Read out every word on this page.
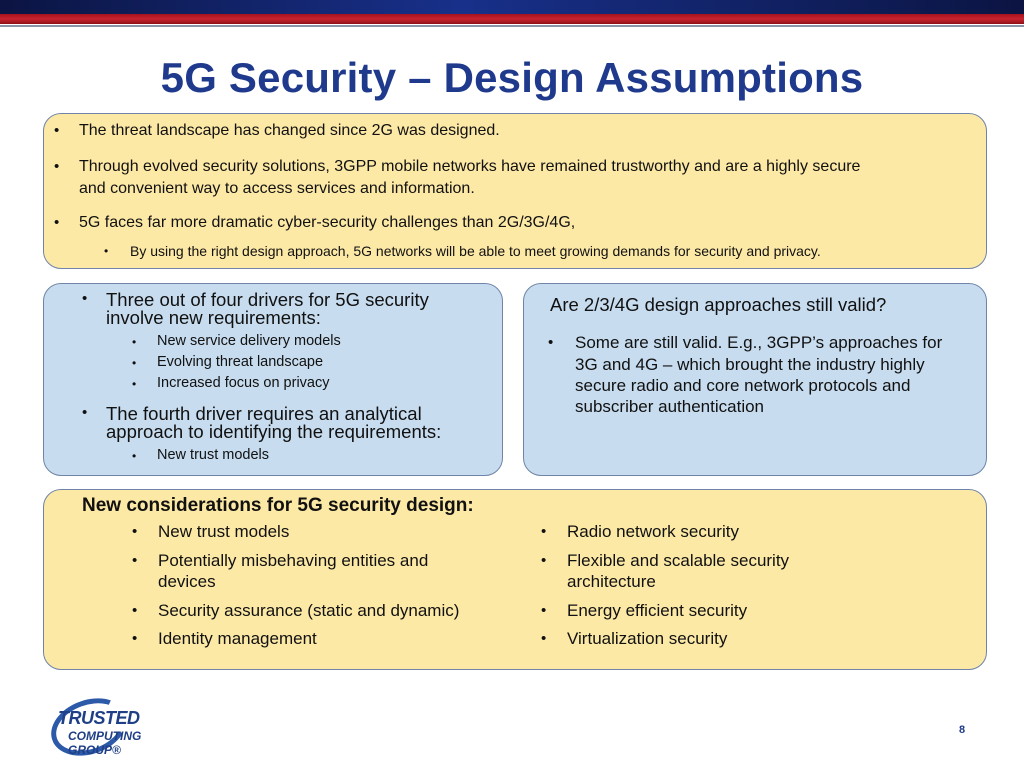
5G Security – Design Assumptions
• The threat landscape has changed since 2G was designed.
• Through evolved security solutions, 3GPP mobile networks have remained trustworthy and are a highly secure
and convenient way to access services and information.
• 5G faces far more dramatic cyber-security challenges than 2G/3G/4G,
• By using the right design approach, 5G networks will be able to meet growing demands for security and privacy.
• Three out of four drivers for 5G security
involve new requirements:
• New service delivery models
• Evolving threat landscape
• Increased focus on privacy
• The fourth driver requires an analytical
approach to identifying the requirements:
• New trust models
Are 2/3/4G design approaches still valid?
• Some are still valid. E.g., 3GPP’s approaches for
3G and 4G – which brought the industry highly
secure radio and core network protocols and
subscriber authentication
New considerations for 5G security design:
• New trust models
• Potentially misbehaving entities and
devices
• Security assurance (static and dynamic)
• Identity management
• Radio network security
• Flexible and scalable security
architecture
• Energy efficient security
• Virtualization security
TRUSTED
COMPUTING GROUP®
8
